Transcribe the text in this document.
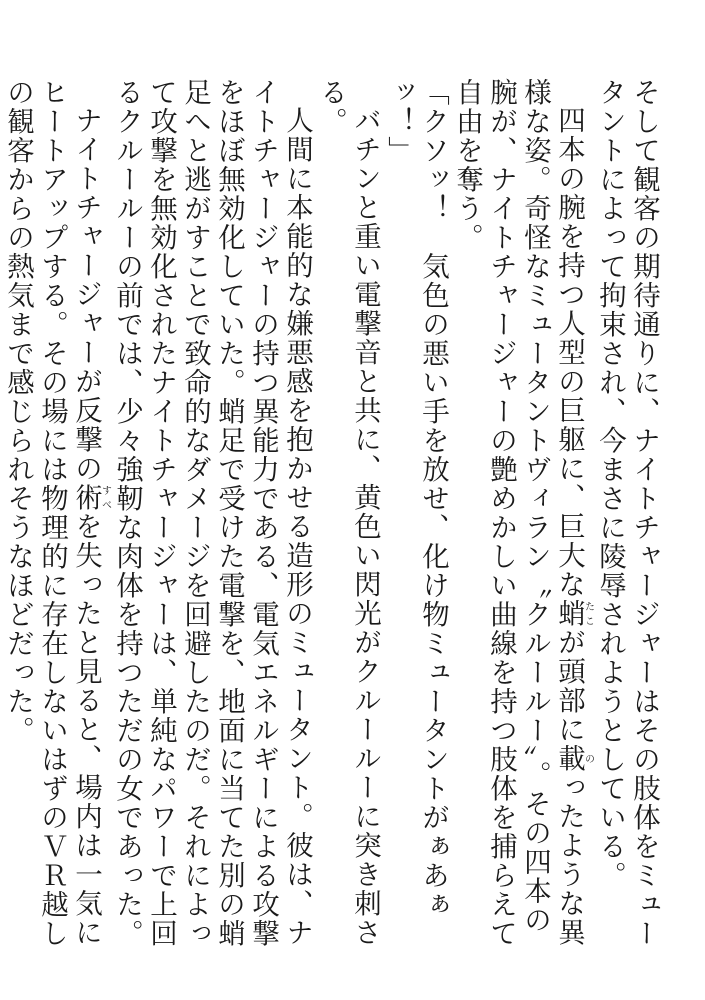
そして観客の期待通りに、ナイトチャージャーはその肢体をミュータントによって拘束され、今まさに陵辱されようとしている。

四本の腕を持つ人型の巨躯に、巨大な蛸たこが頭部に載のったような異様な姿。奇怪なミュータントヴィラン〝クルールー〟。その四本の腕が、ナイトチャージャーの艶めかしい曲線を持つ肢体を捕らえて自由を奪う。

「クソッ！　気色の悪い手を放せ、化け物ミュータントがぁあぁッ！」

バチンと重い電撃音と共に、黄色い閃光がクルールーに突き刺さる。

人間に本能的な嫌悪感を抱かせる造形のミュータント。彼は、ナイトチャージャーの持つ異能力である、電気エネルギーによる攻撃をほぼ無効化していた。蛸足で受けた電撃を、地面に当てた別の蛸足へと逃がすことで致命的なダメージを回避したのだ。それによって攻撃を無効化されたナイトチャージャーは、単純なパワーで上回るクルールーの前では、少々強靭な肉体を持つただの女であった。

ナイトチャージャーが反撃の術すべを失ったと見ると、場内は一気にヒートアップする。その場には物理的に存在しないはずのＶＲ越しの観客からの熱気まで感じられそうなほどだった。
